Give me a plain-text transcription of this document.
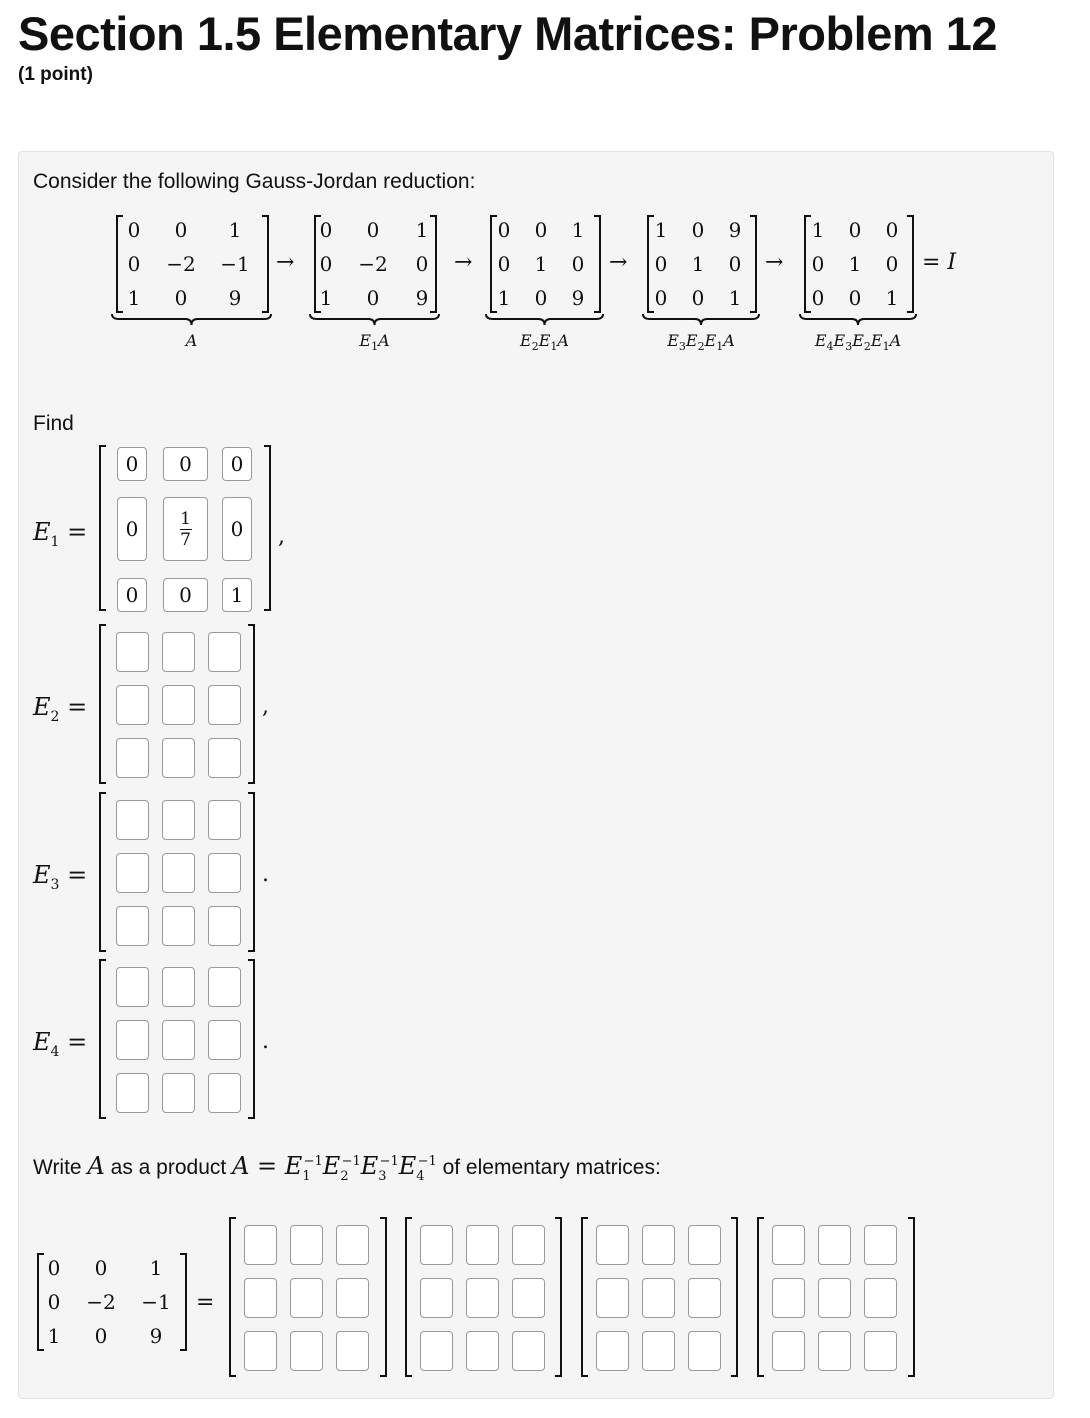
Section 1.5 Elementary Matrices: Problem 12
(1 point)
Consider the following Gauss-Jordan reduction:
0	0	1
0	−2 −1
1	0	9
A
→
0	0	1
0	−2	0
1	0	9
$E_1A$
→
0	0	1
0	1	0
1	0	9
$E_2E_1A$
→
1	0	9
0	1	0
0	0	1
$E_3E_2E_1A$
→
1	0	0
0	1	0
0	0	1
$E_4E_3E_2E_1A$
= I
Find
$E_1$ =
0	0	0
0	$\frac{1}{7}$	0
0	0	1
,
$E_2$ =	,
$E_3$ =	.
$E_4$ =	.
Write A as a product $A = E_1^{-1}E_2^{-1}E_3^{-1}E_4^{-1}$ of elementary matrices:
0	0	1
0	−2 −1
1	0	9
=
